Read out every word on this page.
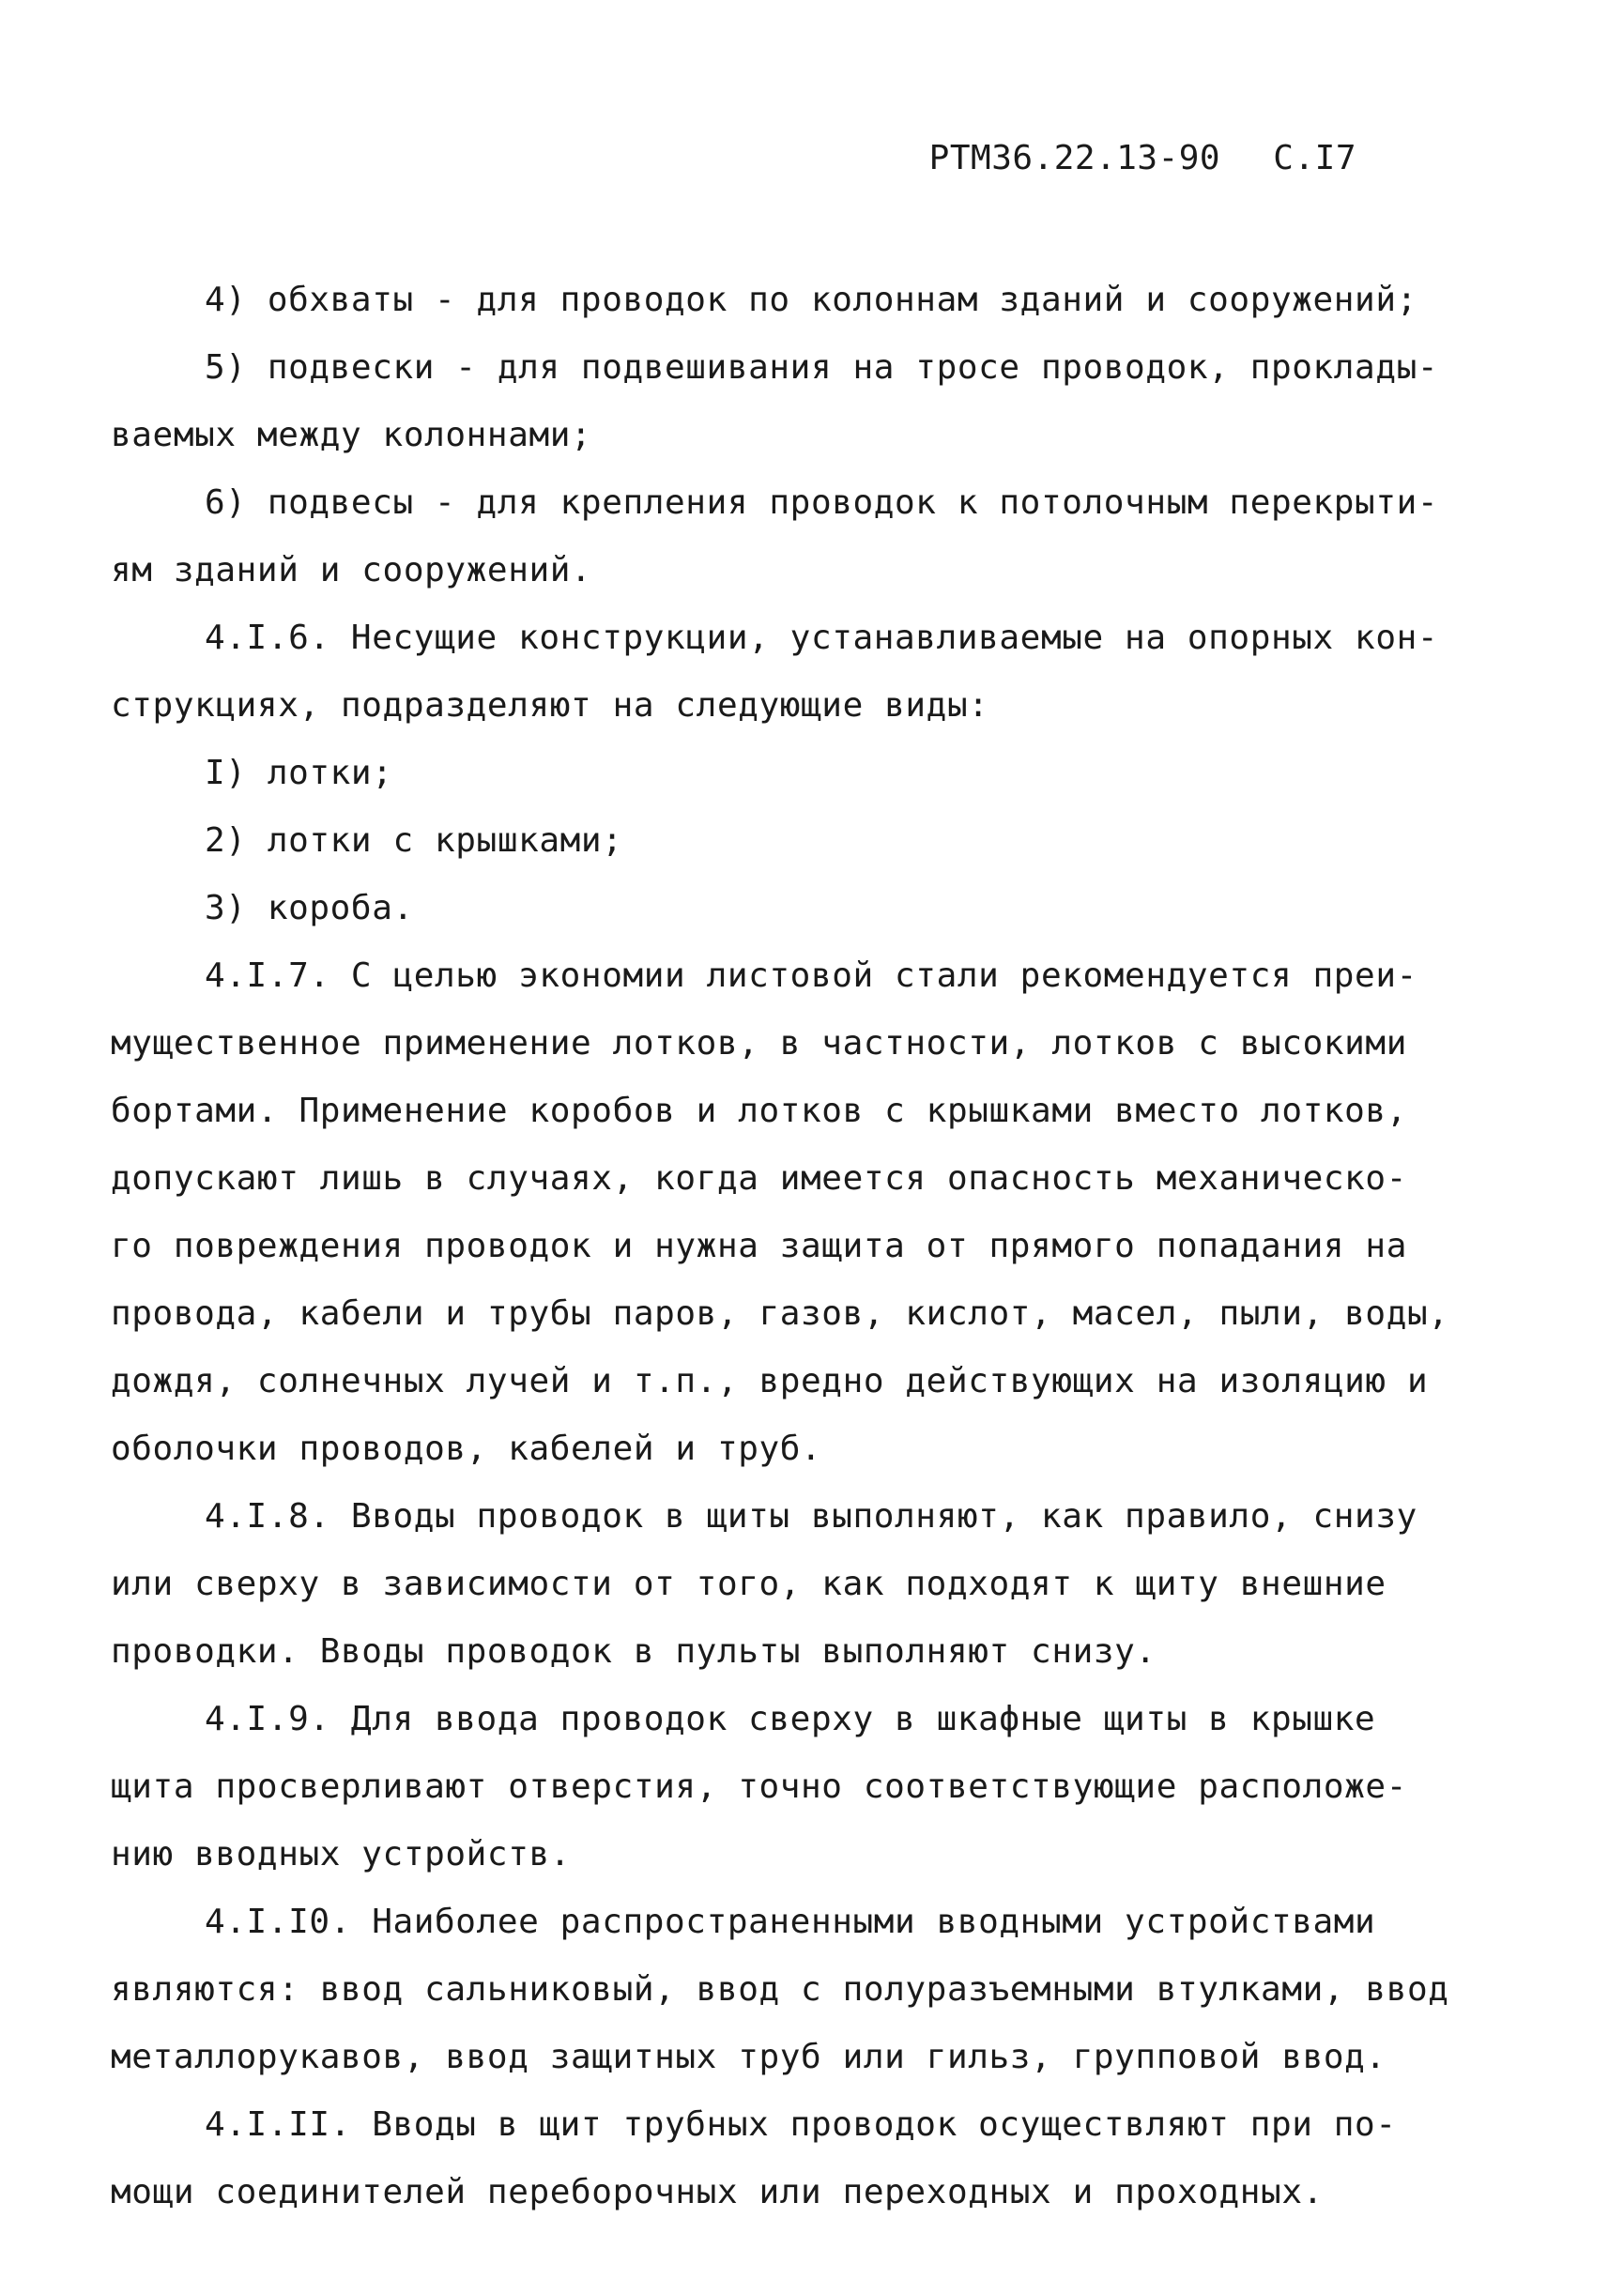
РТМ36.22.13-90 С.I7
4) обхваты - для проводок по колоннам зданий и сооружений;
5) подвески - для подвешивания на тросе проводок, проклады-
ваемых между колоннами;
6) подвесы - для крепления проводок к потолочным перекрыти-
ям зданий и сооружений.
4.I.6. Несущие конструкции, устанавливаемые на опорных кон-
струкциях, подразделяют на следующие виды:
I) лотки;
2) лотки с крышками;
3) короба.
4.I.7. С целью экономии листовой стали рекомендуется преи-
мущественное применение лотков, в частности, лотков с высокими
бортами. Применение коробов и лотков с крышками вместо лотков,
допускают лишь в случаях, когда имеется опасность механическо-
го повреждения проводок и нужна защита от прямого попадания на
провода, кабели и трубы паров, газов, кислот, масел, пыли, воды,
дождя, солнечных лучей и т.п., вредно действующих на изоляцию и
оболочки проводов, кабелей и труб.
4.I.8. Вводы проводок в щиты выполняют, как правило, снизу
или сверху в зависимости от того, как подходят к щиту внешние
проводки. Вводы проводок в пульты выполняют снизу.
4.I.9. Для ввода проводок сверху в шкафные щиты в крышке
щита просверливают отверстия, точно соответствующие расположе-
нию вводных устройств.
4.I.I0. Наиболее распространенными вводными устройствами
являются: ввод сальниковый, ввод с полуразъемными втулками, ввод
металлорукавов, ввод защитных труб или гильз, групповой ввод.
4.I.II. Вводы в щит трубных проводок осуществляют при по-
мощи соединителей переборочных или переходных и проходных.
